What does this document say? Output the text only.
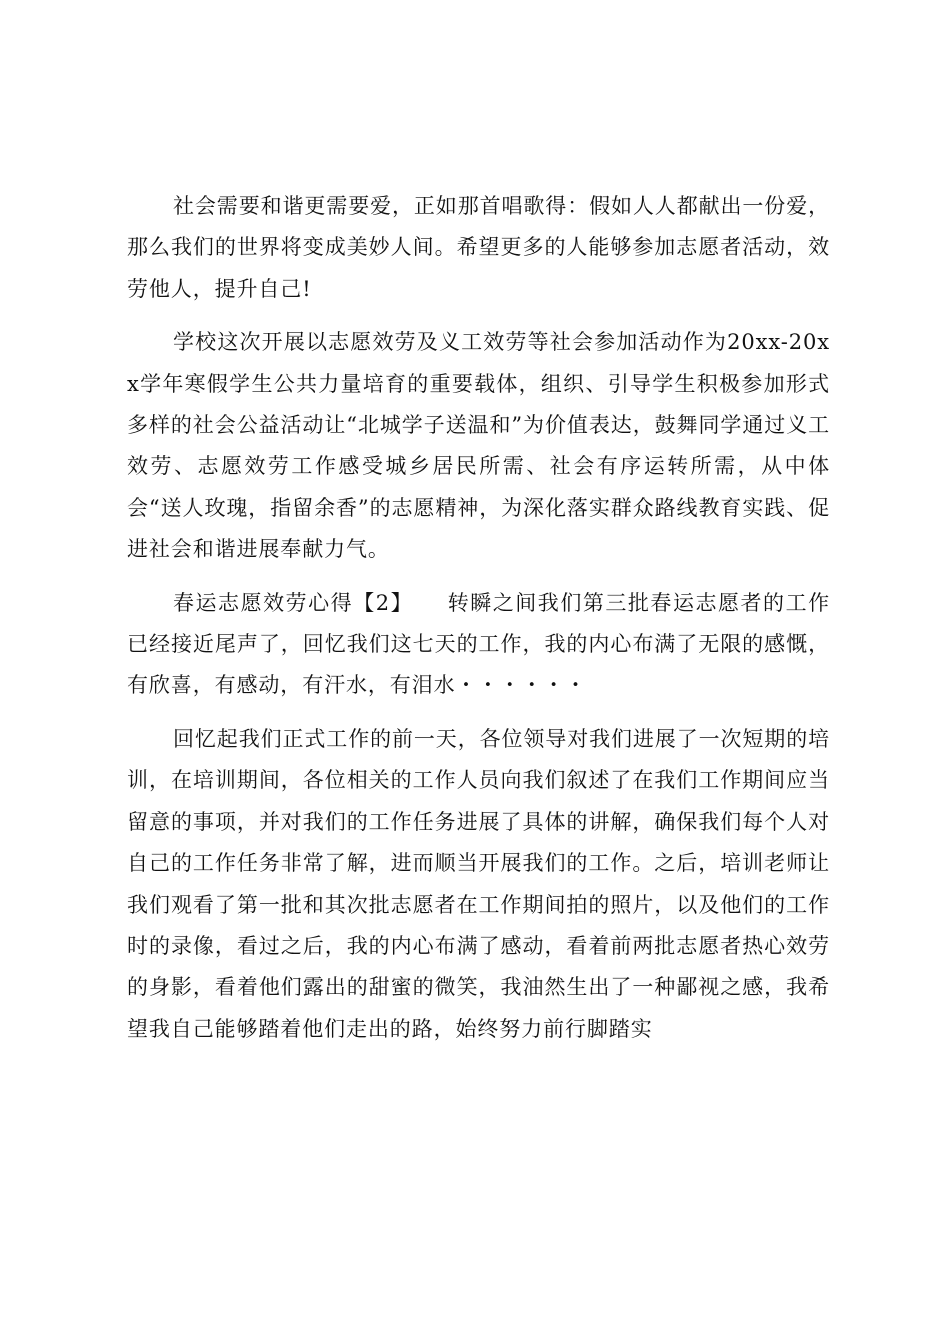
社会需要和谐更需要爱，正如那首唱歌得：假如人人都献出一份爱，那么我们的世界将变成美妙人间。希望更多的人能够参加志愿者活动，效劳他人，提升自己!

学校这次开展以志愿效劳及义工效劳等社会参加活动作为20xx-20xx学年寒假学生公共力量培育的重要载体，组织、引导学生积极参加形式多样的社会公益活动让“北城学子送温和”为价值表达，鼓舞同学通过义工效劳、志愿效劳工作感受城乡居民所需、社会有序运转所需，从中体会“送人玫瑰，指留余香”的志愿精神，为深化落实群众路线教育实践、促进社会和谐进展奉献力气。

春运志愿效劳心得【2】　　转瞬之间我们第三批春运志愿者的工作已经接近尾声了，回忆我们这七天的工作，我的内心布满了无限的感慨，有欣喜，有感动，有汗水，有泪水・・・・・・

回忆起我们正式工作的前一天，各位领导对我们进展了一次短期的培训，在培训期间，各位相关的工作人员向我们叙述了在我们工作期间应当留意的事项，并对我们的工作任务进展了具体的讲解，确保我们每个人对自己的工作任务非常了解，进而顺当开展我们的工作。之后，培训老师让我们观看了第一批和其次批志愿者在工作期间拍的照片，以及他们的工作时的录像，看过之后，我的内心布满了感动，看着前两批志愿者热心效劳的身影，看着他们露出的甜蜜的微笑，我油然生出了一种鄙视之感，我希望我自己能够踏着他们走出的路，始终努力前行脚踏实
